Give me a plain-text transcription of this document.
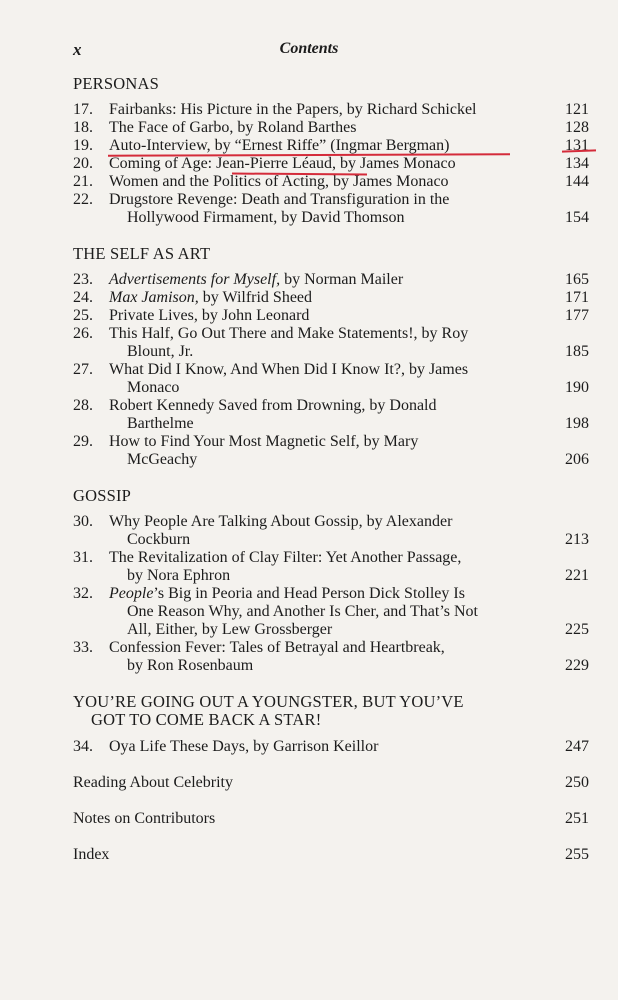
x	Contents
PERSONAS
17. Fairbanks: His Picture in the Papers, by Richard Schickel	121
18. The Face of Garbo, by Roland Barthes	128
19. Auto-Interview, by “Ernest Riffe” (Ingmar Bergman)	131
20. Coming of Age: Jean-Pierre Léaud, by James Monaco	134
21. Women and the Politics of Acting, by James Monaco	144
22. Drugstore Revenge: Death and Transfiguration in the
Hollywood Firmament, by David Thomson	154
THE SELF AS ART
23. Advertisements for Myself, by Norman Mailer	165
24. Max Jamison, by Wilfrid Sheed	171
25. Private Lives, by John Leonard	177
26. This Half, Go Out There and Make Statements!, by Roy
Blount, Jr.	185
27. What Did I Know, And When Did I Know It?, by James
Monaco	190
28. Robert Kennedy Saved from Drowning, by Donald
Barthelme	198
29. How to Find Your Most Magnetic Self, by Mary
McGeachy	206
GOSSIP
30. Why People Are Talking About Gossip, by Alexander
Cockburn	213
31. The Revitalization of Clay Filter: Yet Another Passage,
by Nora Ephron	221
32. People’s Big in Peoria and Head Person Dick Stolley Is
One Reason Why, and Another Is Cher, and That’s Not
All, Either, by Lew Grossberger	225
33. Confession Fever: Tales of Betrayal and Heartbreak,
by Ron Rosenbaum	229
YOU’RE GOING OUT A YOUNGSTER, BUT YOU’VE
GOT TO COME BACK A STAR!
34. Oya Life These Days, by Garrison Keillor	247
Reading About Celebrity	250
Notes on Contributors	251
Index	255
